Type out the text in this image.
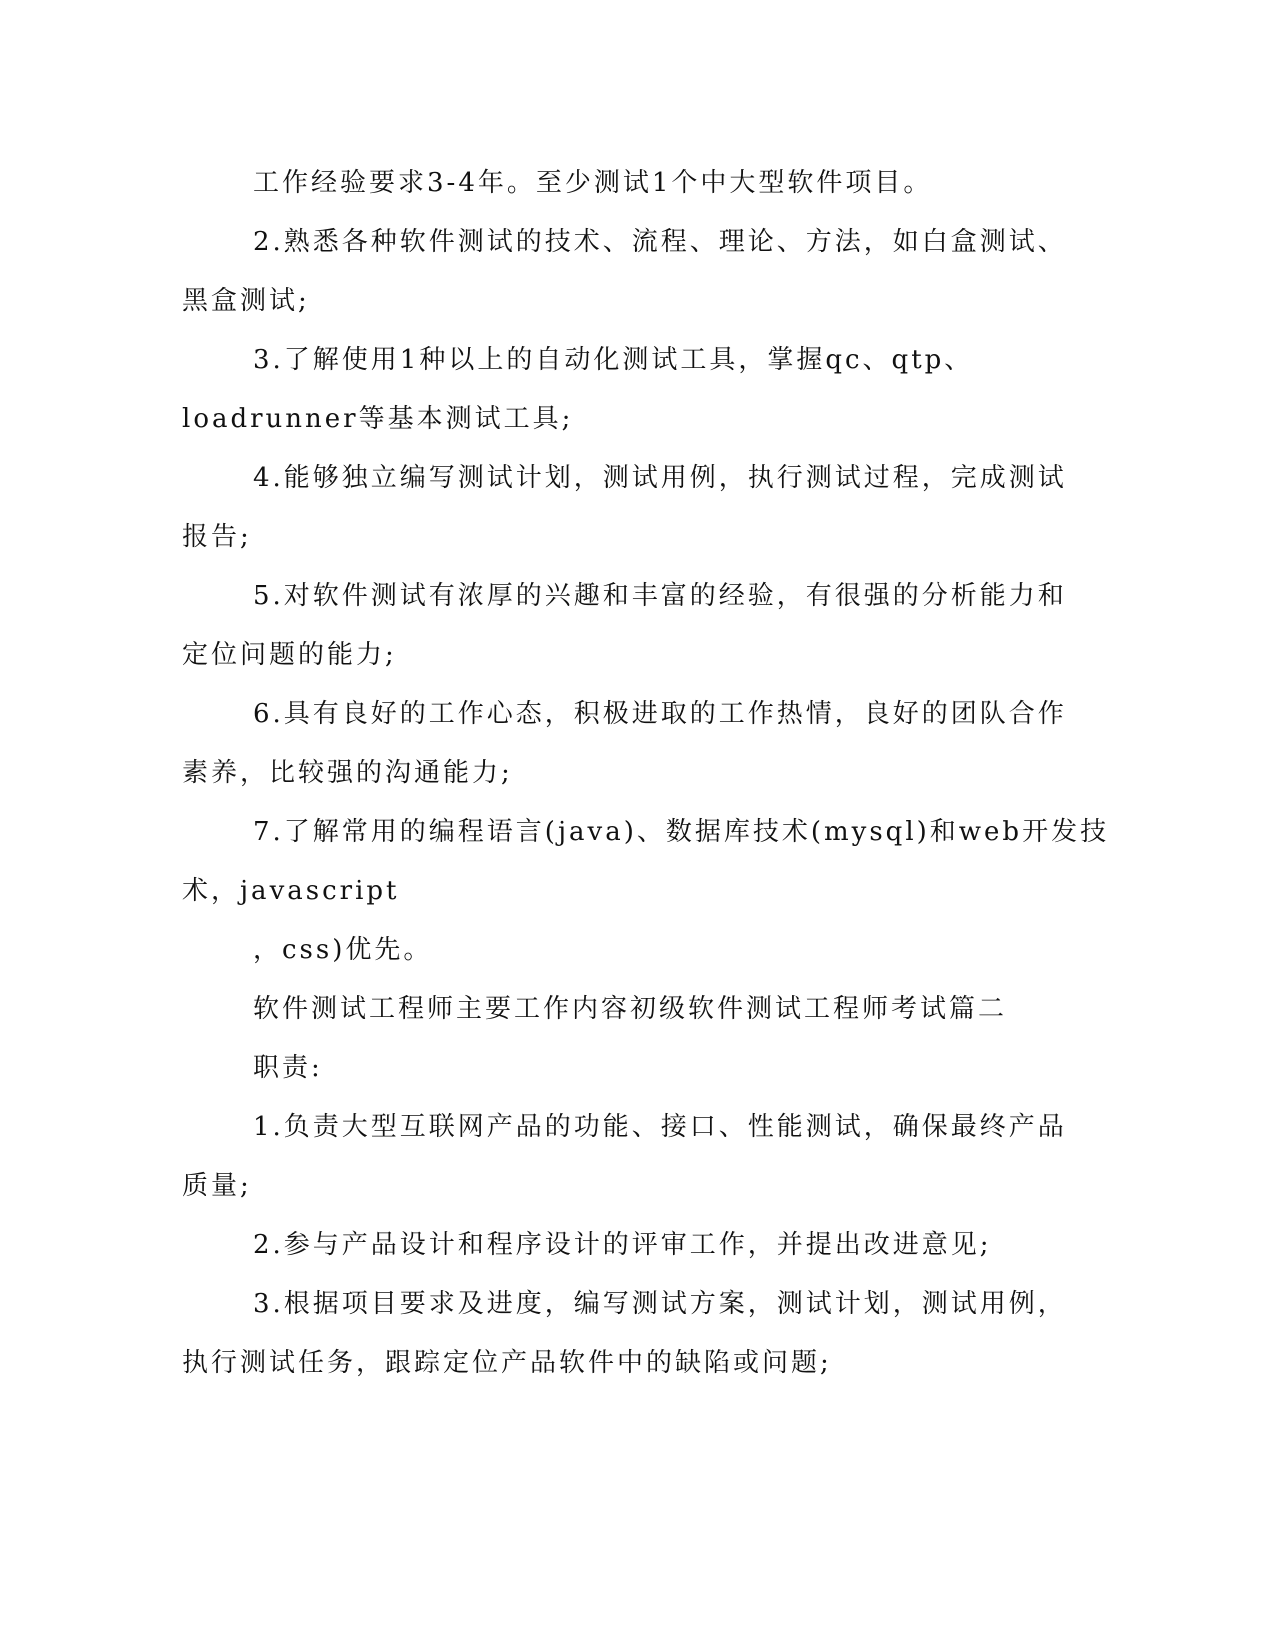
工作经验要求3-4年。至少测试1个中大型软件项目。
2.熟悉各种软件测试的技术、流程、理论、方法，如白盒测试、
黑盒测试;
3.了解使用1种以上的自动化测试工具，掌握qc、qtp、
loadrunner等基本测试工具;
4.能够独立编写测试计划，测试用例，执行测试过程，完成测试
报告;
5.对软件测试有浓厚的兴趣和丰富的经验，有很强的分析能力和
定位问题的能力;
6.具有良好的工作心态，积极进取的工作热情，良好的团队合作
素养，比较强的沟通能力;
7.了解常用的编程语言(java)、数据库技术(mysql)和web开发技
术，javascript
，css)优先。
软件测试工程师主要工作内容初级软件测试工程师考试篇二
职责:
1.负责大型互联网产品的功能、接口、性能测试，确保最终产品
质量;
2.参与产品设计和程序设计的评审工作，并提出改进意见;
3.根据项目要求及进度，编写测试方案，测试计划，测试用例，
执行测试任务，跟踪定位产品软件中的缺陷或问题;
